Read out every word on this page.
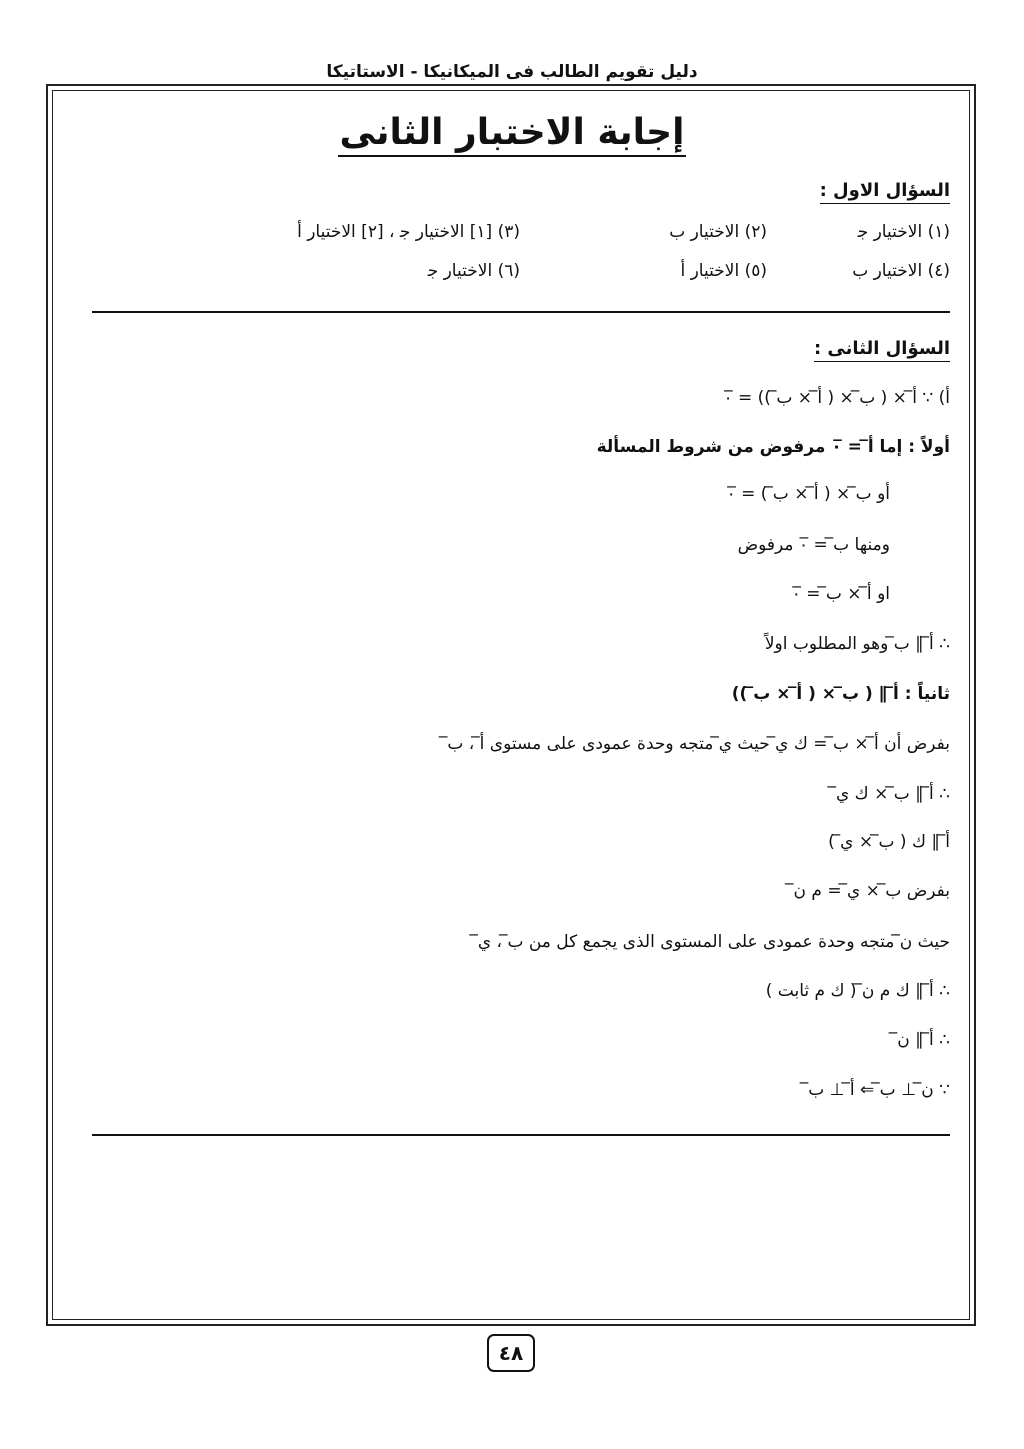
دليل تقويم الطالب فى الميكانيكا - الاستاتيكا
إجابة الاختبار الثانى
السؤال الاول :
(١) الاختيار ﺟ
(٢) الاختيار ب
(٣) [١] الاختيار ﺟ ، [٢] الاختيار أ
(٤) الاختيار ب
(٥) الاختيار أ
(٦) الاختيار ﺟ
السؤال الثانى :
أ) ∵ أ̅ × ( ب̅ × ( أ̅ × ب̅ )) = ٠̅
أولاً : إما أ̅ = ٠̅ مرفوض من شروط المسألة
أو ب̅ × ( أ̅ × ب̅ ) = ٠̅
ومنها ب̅ = ٠̅ مرفوض
او أ̅ × ب̅ = ٠̅
∴ أ̅ ∥ ب̅ وهو المطلوب اولاً
ثانياً : أ̅ ∥ ( ب̅ × ( أ̅ × ب̅ ))
بفرض أن أ̅ × ب̅ = ك ي̅ حيث ي̅ متجه وحدة عمودى على مستوى أ̅ ، ب̅
∴ أ̅ ∥ ب̅ × ك ي̅
أ̅ ∥ ك ( ب̅ × ي̅ )
بفرض ب̅ × ي̅ = م ن̅
حيث ن̅ متجه وحدة عمودى على المستوى الذى يجمع كل من ب̅ ، ي̅
∴ أ̅ ∥ ك م ن̅ ( ك م ثابت )
∴ أ̅ ∥ ن̅
∵ ن̅ ⊥ ب̅ ⇐ أ̅ ⊥ ب̅
٤٨
